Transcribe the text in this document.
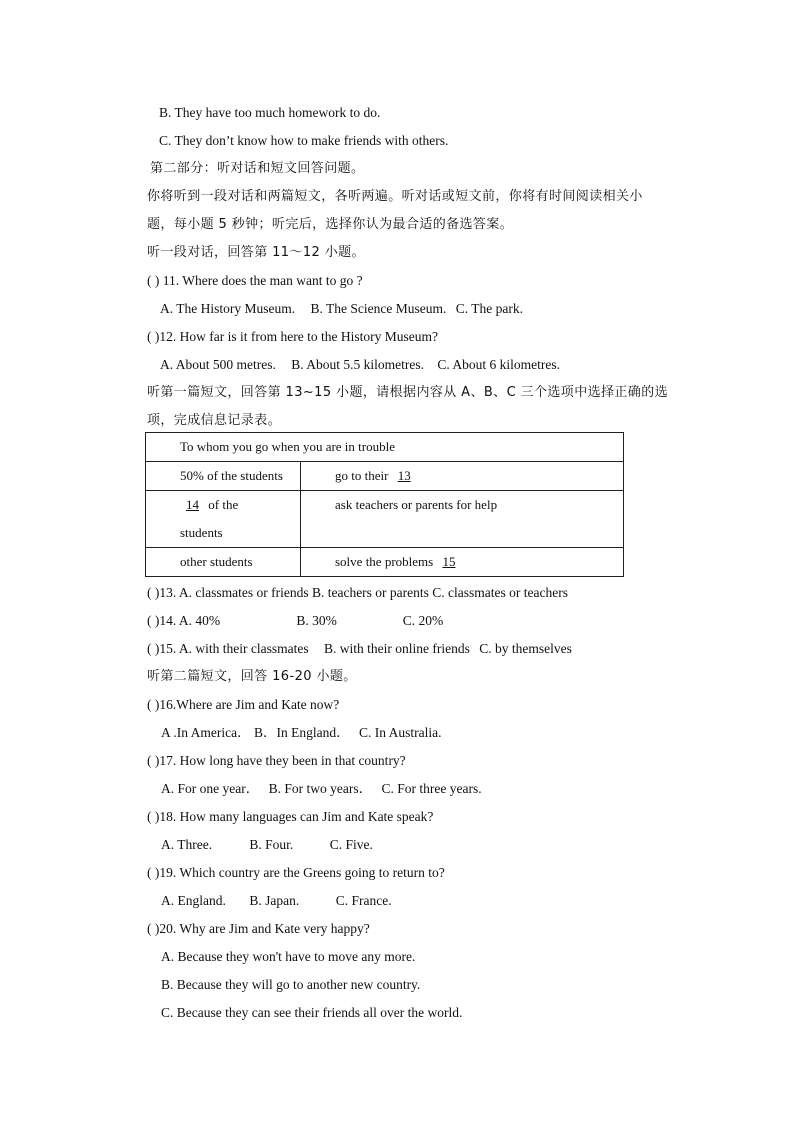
B. They have too much homework to do.
C. They don’t know how to make friends with others.
第二部分：听对话和短文回答问题。
你将听到一段对话和两篇短文，各听两遍。听对话或短文前，你将有时间阅读相关小
题，每小题 5 秒钟；听完后，选择你认为最合适的备选答案。
听一段对话，回答第 11～12 小题。
( ) 11. Where does the man want to go ?
A. The History Museum. B. The Science Museum. C. The park.
( )12. How far is it from here to the History Museum?
A. About 500 metres. B. About 5.5 kilometres. C. About 6 kilometres.
听第一篇短文，回答第 13~15 小题，请根据内容从 A、B、C 三个选项中选择正确的选
项，完成信息记录表。
To whom you go when you are in trouble	
50% of the students	go to their 13
14 of the
students	ask teachers or parents for help
other students	solve the problems 15
( )13. A. classmates or friends B. teachers or parents C. classmates or teachers
( )14. A. 40%	B. 30%	C. 20%
( )15. A. with their classmates B. with their online friends C. by themselves
听第二篇短文，回答 16-20 小题。
( )16.Where are Jim and Kate now?
A .In America． B．In England． C. In Australia.
( )17. How long have they been in that country?
A. For one year． B. For two years． C. For three years.
( )18. How many languages can Jim and Kate speak?
A. Three.	B. Four.	C. Five.
( )19. Which country are the Greens going to return to?
A. England. B. Japan.	C. France.
( )20. Why are Jim and Kate very happy?
A. Because they won't have to move any more.
B. Because they will go to another new country.
C. Because they can see their friends all over the world.
